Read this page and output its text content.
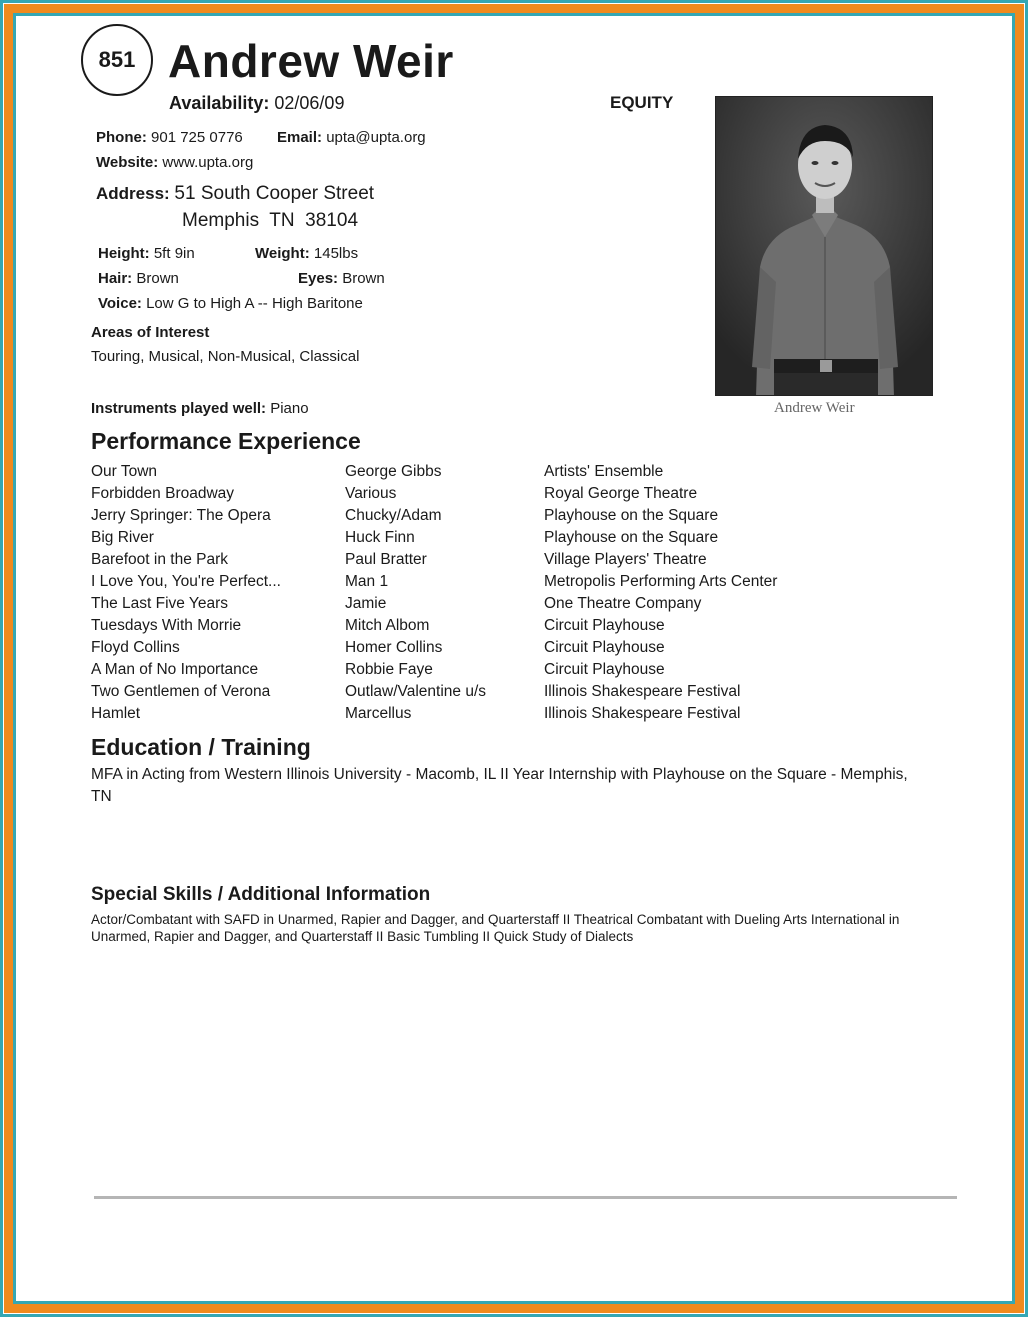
851 Andrew Weir
Availability: 02/06/09	EQUITY
Phone: 901 725 0776 Email: upta@upta.org
Website: www.upta.org
Address: 51 South Cooper Street
Memphis  TN  38104
Height: 5ft 9in	Weight: 145lbs
Hair: Brown	Eyes: Brown
Voice: Low G to High A -- High Baritone
Areas of Interest
Touring, Musical, Non-Musical, Classical
Instruments played well: Piano	Andrew Weir
Performance Experience
Our Town	George Gibbs	Artists' Ensemble
Forbidden Broadway	Various	Royal George Theatre
Jerry Springer: The Opera	Chucky/Adam	Playhouse on the Square
Big River	Huck Finn	Playhouse on the Square
Barefoot in the Park	Paul Bratter	Village Players' Theatre
I Love You, You're Perfect...	Man 1	Metropolis Performing Arts Center
The Last Five Years	Jamie	One Theatre Company
Tuesdays With Morrie	Mitch Albom	Circuit Playhouse
Floyd Collins	Homer Collins	Circuit Playhouse
A Man of No Importance	Robbie Faye	Circuit Playhouse
Two Gentlemen of Verona	Outlaw/Valentine u/s	Illinois Shakespeare Festival
Hamlet	Marcellus	Illinois Shakespeare Festival
Education / Training
MFA in Acting from Western Illinois University - Macomb, IL II Year Internship with Playhouse on the Square - Memphis, TN
Special Skills / Additional Information
Actor/Combatant with SAFD in Unarmed, Rapier and Dagger, and Quarterstaff II Theatrical Combatant with Dueling Arts International in Unarmed, Rapier and Dagger, and Quarterstaff II Basic Tumbling II Quick Study of Dialects
